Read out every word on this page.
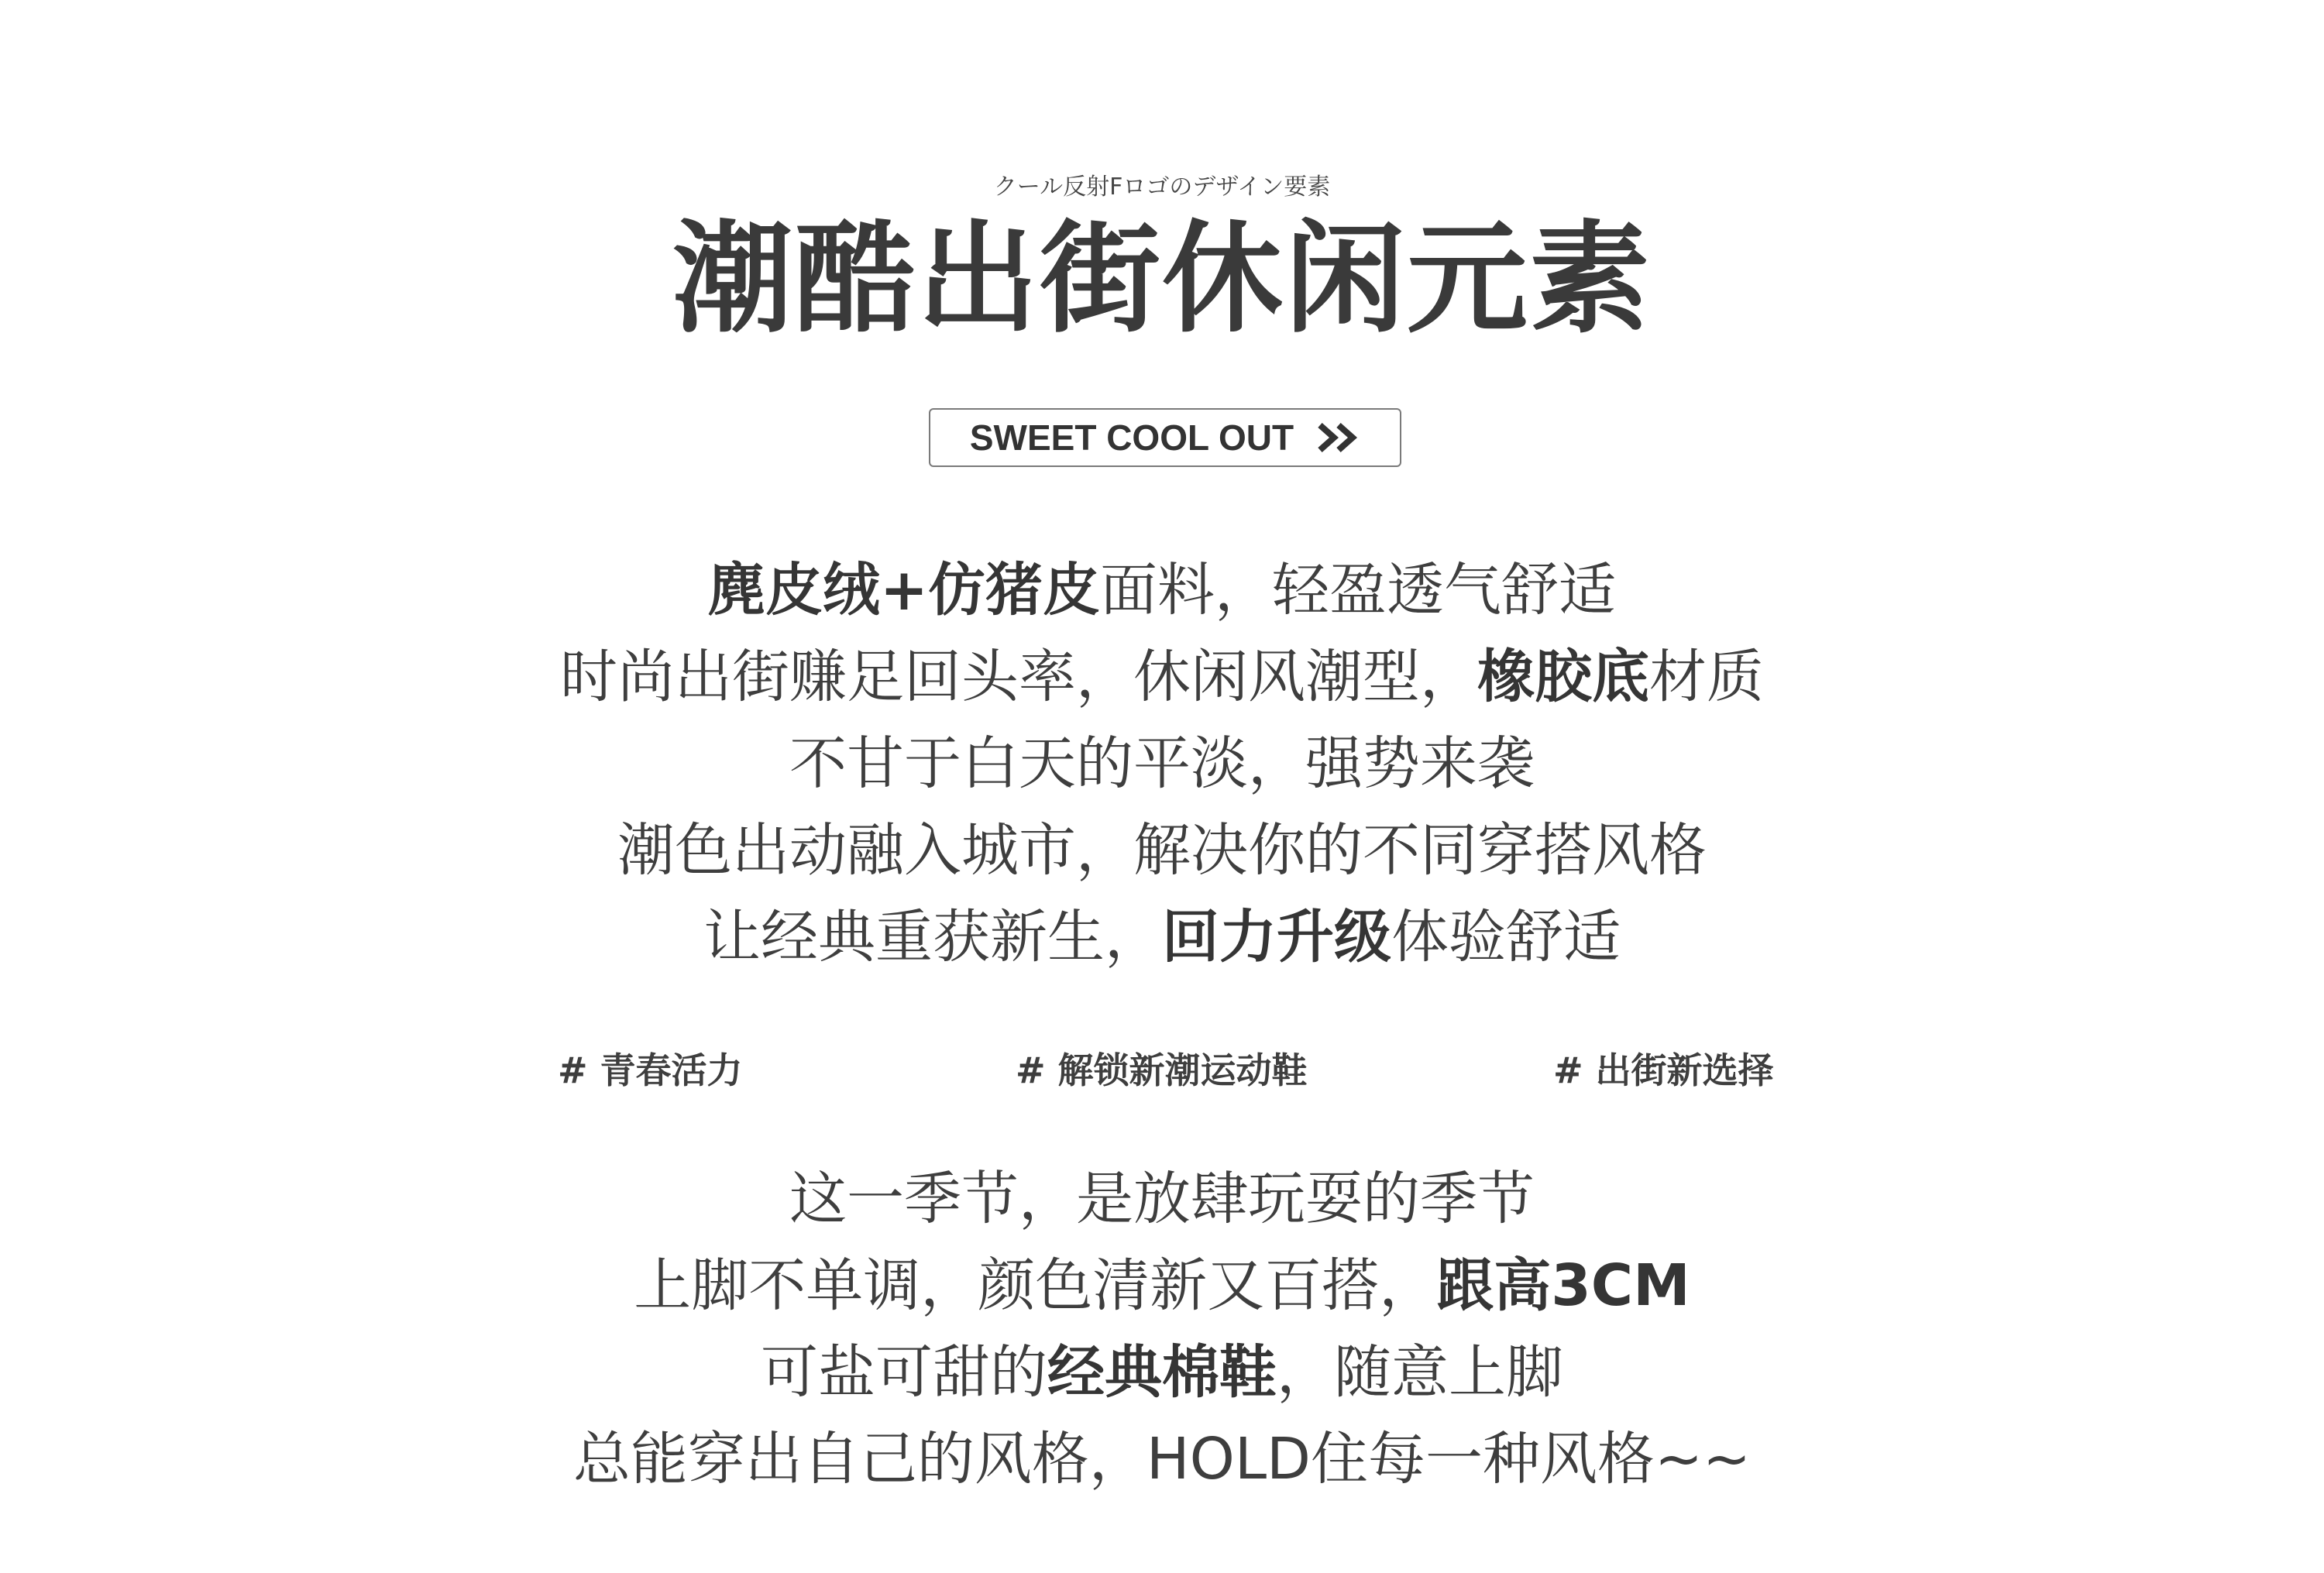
クール反射Fロゴのデザイン要素
潮酷出街休闲元素
SWEET COOL OUT
麂皮绒+仿猪皮面料，轻盈透气舒适
时尚出街赚足回头率，休闲风潮型，橡胶底材质
不甘于白天的平淡，强势来袭
潮色出动融入城市，解决你的不同穿搭风格
让经典重获新生，回力升级体验舒适
# 青春活力	# 解锁新潮运动鞋	# 出街新选择
这一季节，是放肆玩耍的季节
上脚不单调，颜色清新又百搭，跟高3CM
可盐可甜的经典棉鞋，随意上脚
总能穿出自己的风格，HOLD住每一种风格~~
